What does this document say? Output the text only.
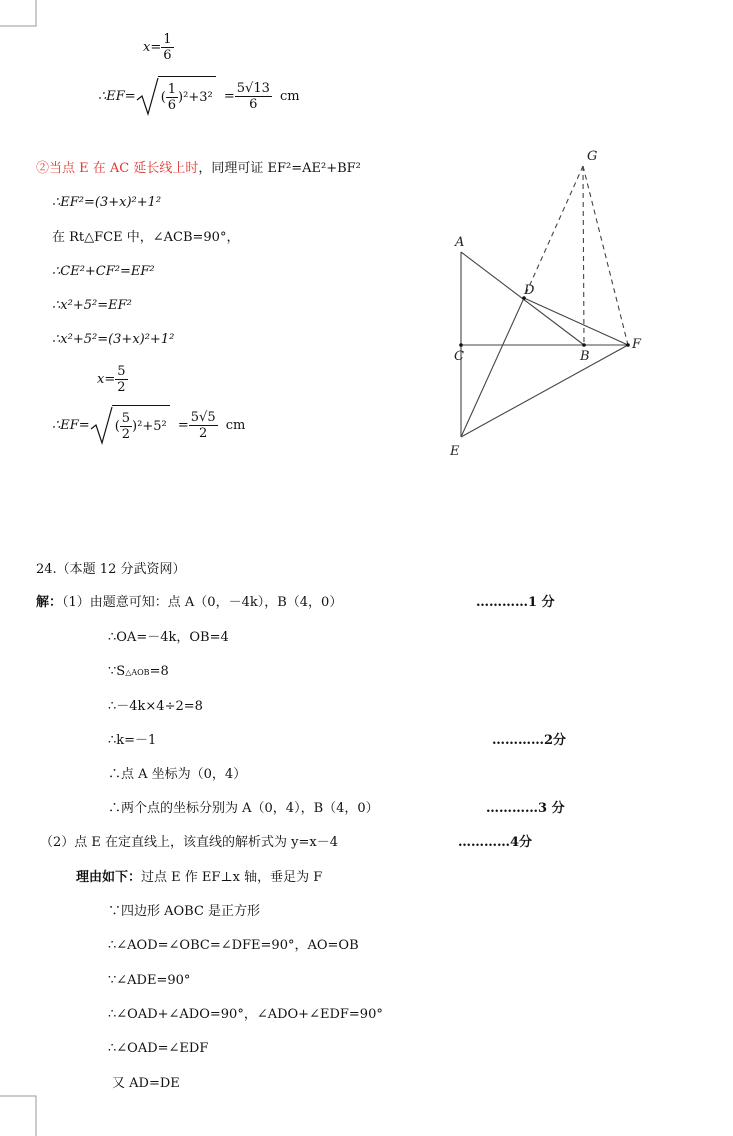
$x= \frac{1}{6}$
∴EF= ( $\frac{1}{6} )^2+3^2 = \frac{5√13}{6}$ cm
②当点 E 在 AC 延长线上时，同理可证 EF²=AE²+BF²
∴EF²=(3+x)²+1²
在 Rt△FCE 中，∠ACB=90°，
∴CE²+CF²=EF²
∴x²+5²=EF²
∴x²+5²=(3+x)²+1²
$x= \frac{5}{2}$
∴EF= ( $\frac{5}{2} )^2+5^2 = \frac{5√5}{2}$ cm
G
A
D
F
C	B
E
24.（本题 12 分武资网）
解：（1）由题意可知：点 A（0，－4k），B（4，0）	…………1 分
∴OA=－4k，OB=4
∵S△AOB=8
∴－4k×4÷2=8
∴k=－1	…………2分
∴点 A 坐标为（0，4）
∴两个点的坐标分别为 A（0，4），B（4，0）	…………3 分
（2）点 E 在定直线上，该直线的解析式为 y=x－4	…………4分
理由如下：过点 E 作 EF⊥x 轴，垂足为 F
∵四边形 AOBC 是正方形
∴∠AOD=∠OBC=∠DFE=90°，AO=OB
∵∠ADE=90°
∴∠OAD+∠ADO=90°，∠ADO+∠EDF=90°
∴∠OAD=∠EDF
又 AD=DE
